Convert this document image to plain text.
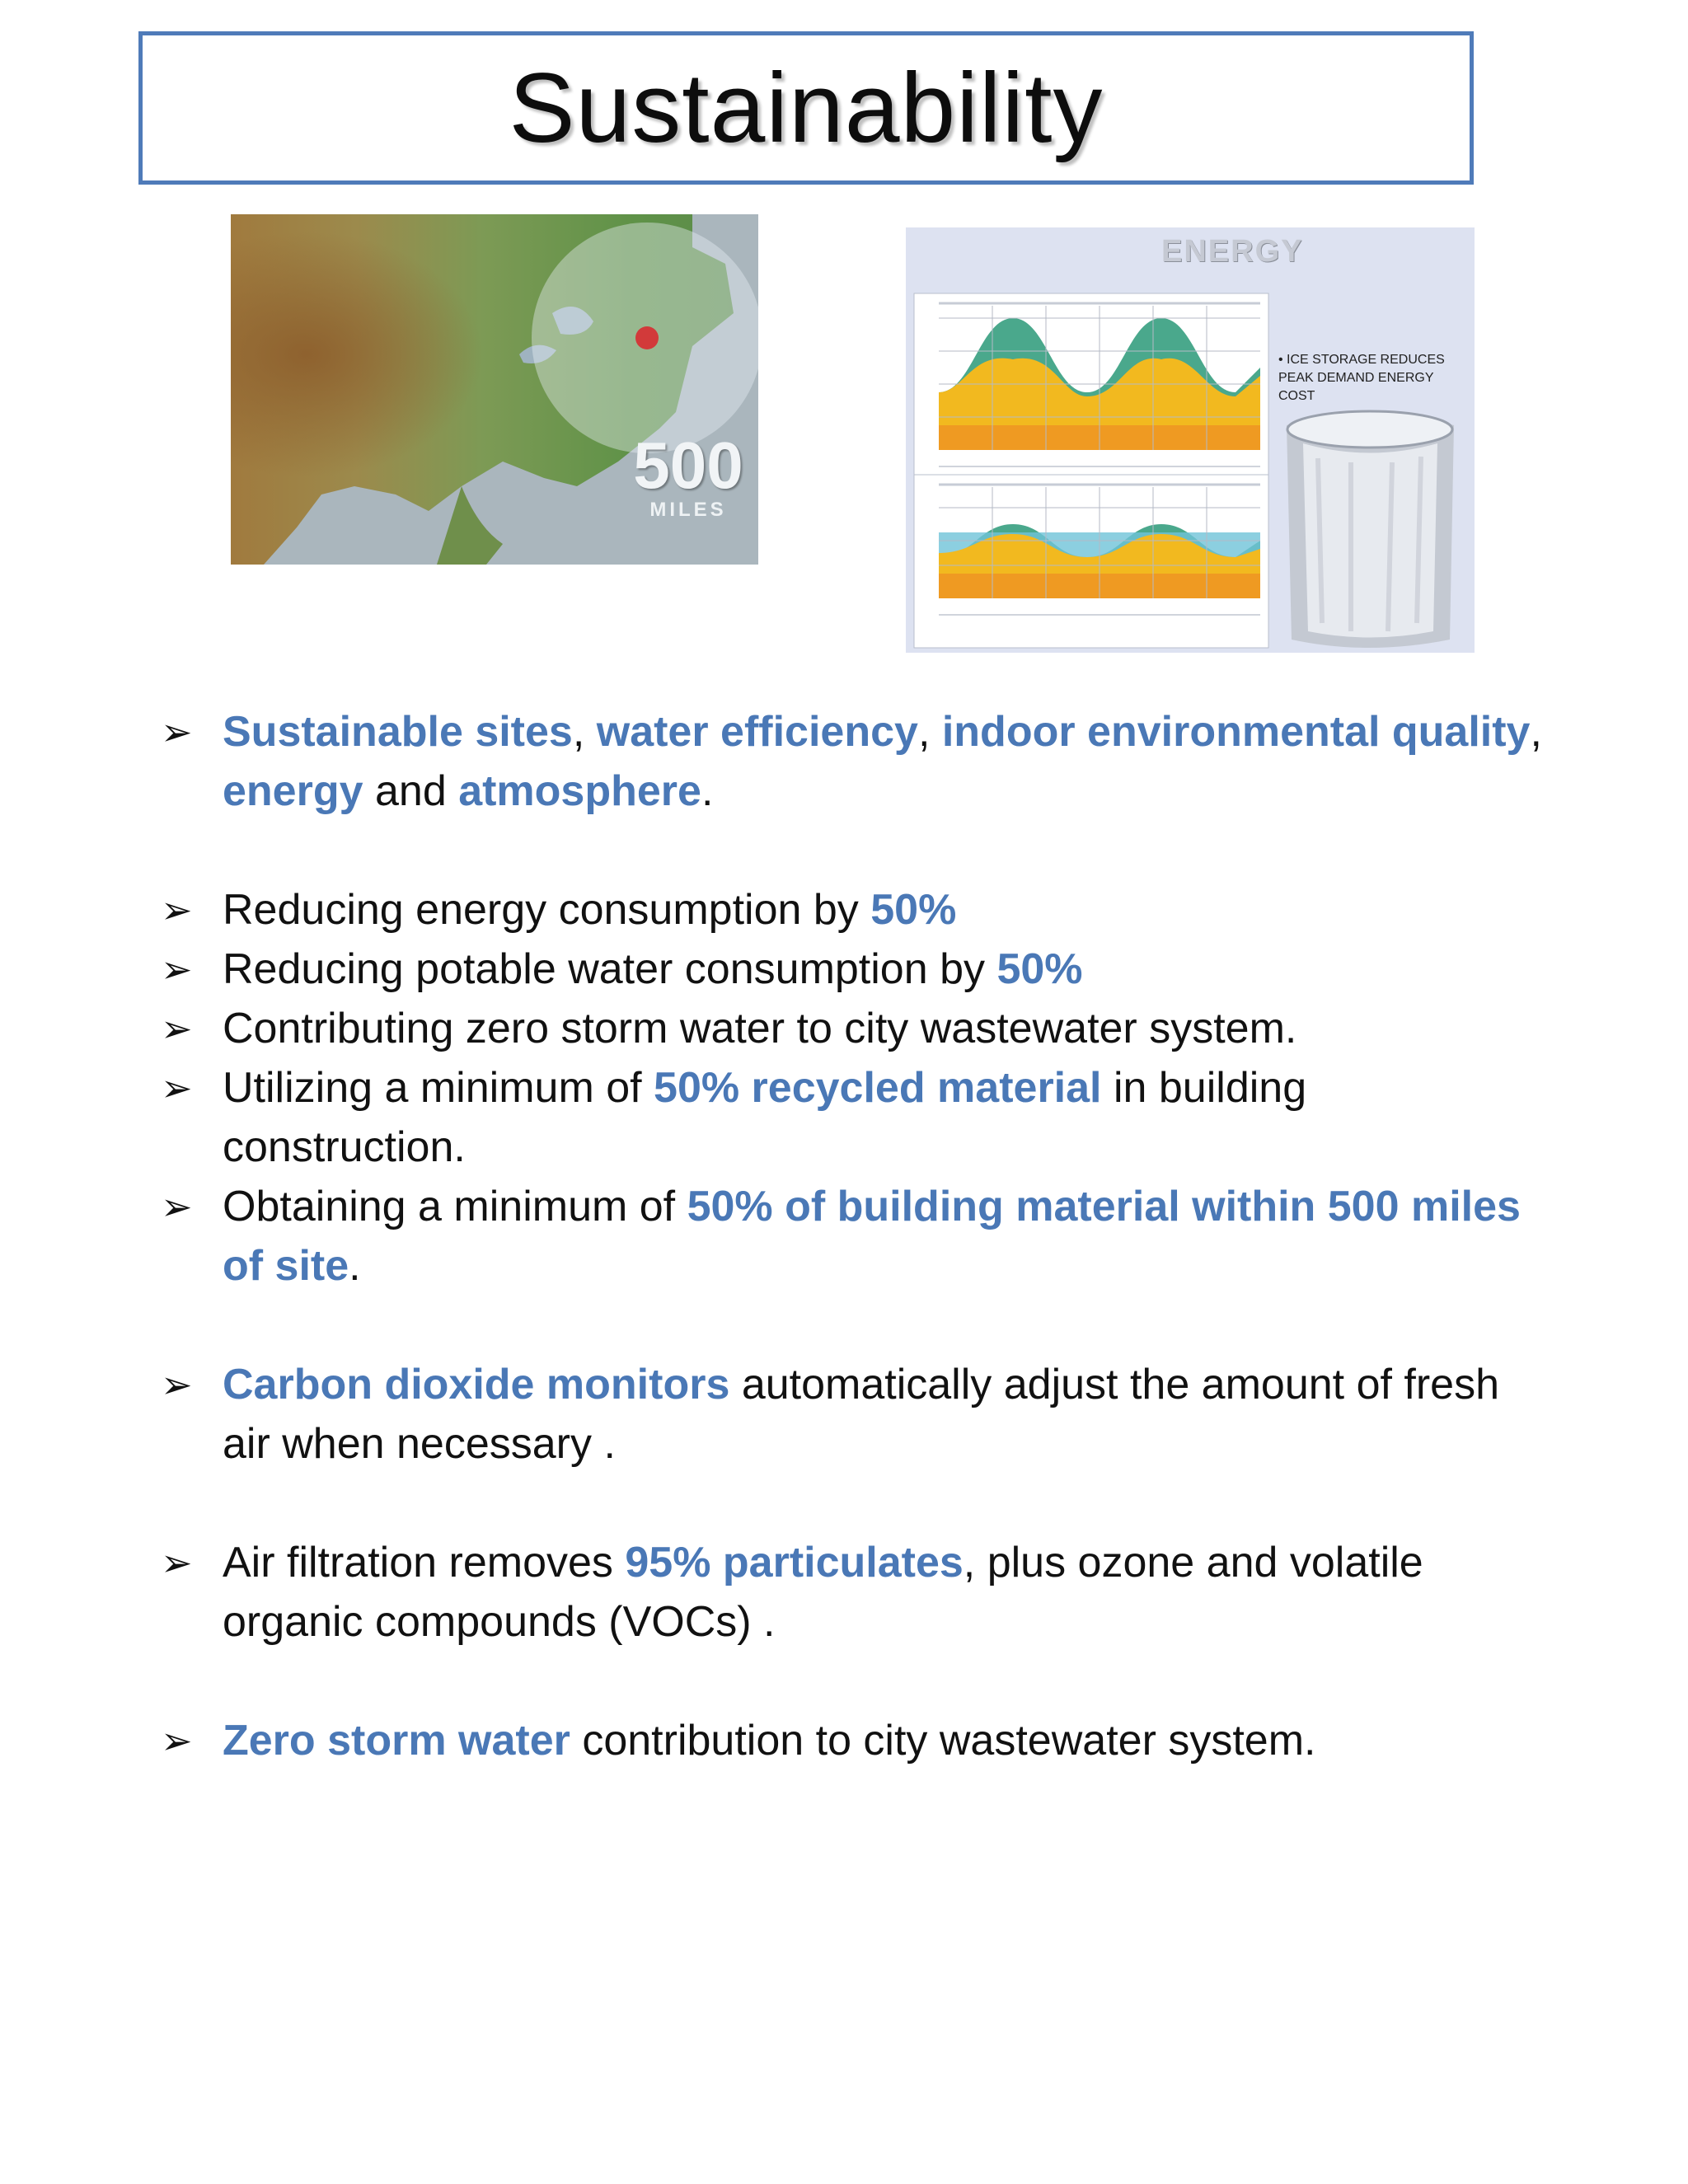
Sustainability
500
MILES
ENERGY
• ICE STORAGE REDUCES PEAK DEMAND ENERGY COST
➢ Sustainable sites, water efficiency, indoor environmental quality, energy and atmosphere.
➢ Reducing energy consumption by 50%
➢ Reducing potable water consumption by 50%
➢ Contributing zero storm water to city wastewater system.
➢ Utilizing a minimum of 50% recycled material in building construction.
➢ Obtaining a minimum of 50% of building material within 500 miles of site.
➢ Carbon dioxide monitors automatically adjust the amount of fresh air when necessary .
➢ Air filtration removes 95% particulates, plus ozone and volatile organic compounds (VOCs) .
➢ Zero storm water contribution to city wastewater system.
